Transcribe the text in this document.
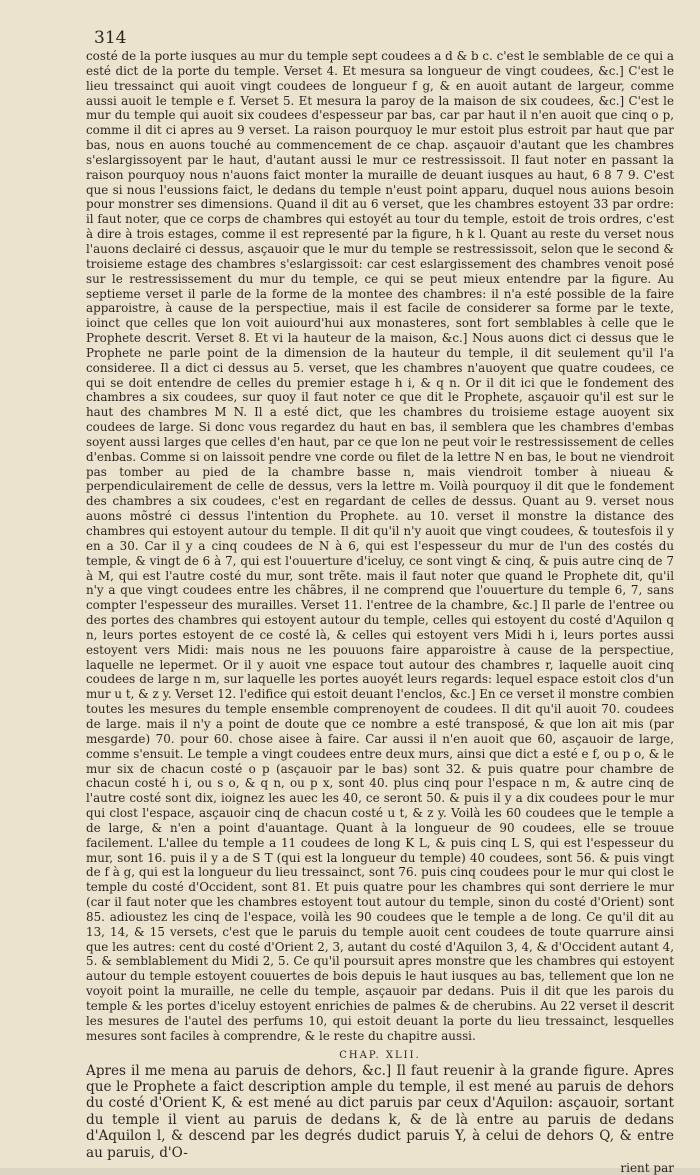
314

costé de la porte iusques au mur du temple sept coudees a d & b c. c'est le semblable de ce qui a esté dict de la porte du temple. Verset 4. Et mesura sa longueur de vingt coudees, &c.] C'est le lieu tressainct qui auoit vingt coudees de longueur f g, & en auoit autant de largeur, comme aussi auoit le temple e f. Verset 5. Et mesura la paroy de la maison de six coudees, &c.] C'est le mur du temple qui auoit six coudees d'espesseur par bas, car par haut il n'en auoit que cinq o p, comme il dit ci apres au 9 verset. La raison pourquoy le mur estoit plus estroit par haut que par bas, nous en auons touché au commencement de ce chap. asçauoir d'autant que les chambres s'eslargissoyent par le haut, d'autant aussi le mur ce restressissoit. Il faut noter en passant la raison pourquoy nous n'auons faict monter la muraille de deuant iusques au haut, 6 8 7 9. C'est que si nous l'eussions faict, le dedans du temple n'eust point apparu, duquel nous auions besoin pour monstrer ses dimensions. Quand il dit au 6 verset, que les chambres estoyent 33 par ordre: il faut noter, que ce corps de chambres qui estoyét au tour du temple, estoit de trois ordres, c'est à dire à trois estages, comme il est representé par la figure, h k l. Quant au reste du verset nous l'auons declairé ci dessus, asçauoir que le mur du temple se restressissoit, selon que le second & troisieme estage des chambres s'eslargissoit: car cest eslargissement des chambres venoit posé sur le restressissement du mur du temple, ce qui se peut mieux entendre par la figure. Au septieme verset il parle de la forme de la montee des chambres: il n'a esté possible de la faire apparoistre, à cause de la perspectiue, mais il est facile de considerer sa forme par le texte, ioinct que celles que lon voit auiourd'hui aux monasteres, sont fort semblables à celle que le Prophete descrit. Verset 8. Et vi la hauteur de la maison, &c.] Nous auons dict ci dessus que le Prophete ne parle point de la dimension de la hauteur du temple, il dit seulement qu'il l'a consideree. Il a dict ci dessus au 5. verset, que les chambres n'auoyent que quatre coudees, ce qui se doit entendre de celles du premier estage h i, & q n. Or il dit ici que le fondement des chambres a six coudees, sur quoy il faut noter ce que dit le Prophete, asçauoir qu'il est sur le haut des chambres M N. Il a esté dict, que les chambres du troisieme estage auoyent six coudees de large. Si donc vous regardez du haut en bas, il semblera que les chambres d'embas soyent aussi larges que celles d'en haut, par ce que lon ne peut voir le restressissement de celles d'enbas. Comme si on laissoit pendre vne corde ou filet de la lettre N en bas, le bout ne viendroit pas tomber au pied de la chambre basse n, mais viendroit tomber à niueau & perpendiculairement de celle de dessus, vers la lettre m. Voilà pourquoy il dit que le fondement des chambres a six coudees, c'est en regardant de celles de dessus. Quant au 9. verset nous auons mõstré ci dessus l'intention du Prophete. au 10. verset il monstre la distance des chambres qui estoyent autour du temple. Il dit qu'il n'y auoit que vingt coudees, & toutesfois il y en a 30. Car il y a cinq coudees de N à 6, qui est l'espesseur du mur de l'un des costés du temple, & vingt de 6 à 7, qui est l'ouuerture d'iceluy, ce sont vingt & cinq, & puis autre cinq de 7 à M, qui est l'autre costé du mur, sont trẽte. mais il faut noter que quand le Prophete dit, qu'il n'y a que vingt coudees entre les chãbres, il ne comprend que l'ouuerture du temple 6, 7, sans compter l'espesseur des murailles. Verset 11. l'entree de la chambre, &c.] Il parle de l'entree ou des portes des chambres qui estoyent autour du temple, celles qui estoyent du costé d'Aquilon q n, leurs portes estoyent de ce costé là, & celles qui estoyent vers Midi h i, leurs portes aussi estoyent vers Midi: mais nous ne les pouuons faire apparoistre à cause de la perspectiue, laquelle ne lepermet. Or il y auoit vne espace tout autour des chambres r, laquelle auoit cinq coudees de large n m, sur laquelle les portes auoyét leurs regards: lequel espace estoit clos d'un mur u t, & z y. Verset 12. l'edifice qui estoit deuant l'enclos, &c.] En ce verset il monstre combien toutes les mesures du temple ensemble comprenoyent de coudees. Il dit qu'il auoit 70. coudees de large. mais il n'y a point de doute que ce nombre a esté transposé, & que lon ait mis (par mesgarde) 70. pour 60. chose aisee à faire. Car aussi il n'en auoit que 60, asçauoir de large, comme s'ensuit. Le temple a vingt coudees entre deux murs, ainsi que dict a esté e f, ou p o, & le mur six de chacun costé o p (asçauoir par le bas) sont 32. & puis quatre pour chambre de chacun costé h i, ou s o, & q n, ou p x, sont 40. plus cinq pour l'espace n m, & autre cinq de l'autre costé sont dix, ioignez les auec les 40, ce seront 50. & puis il y a dix coudees pour le mur qui clost l'espace, asçauoir cinq de chacun costé u t, & z y. Voilà les 60 coudees que le temple a de large, & n'en a point d'auantage. Quant à la longueur de 90 coudees, elle se trouue facilement. L'allee du temple a 11 coudees de long K L, & puis cinq L S, qui est l'espesseur du mur, sont 16. puis il y a de S T (qui est la longueur du temple) 40 coudees, sont 56. & puis vingt de f à g, qui est la longueur du lieu tressainct, sont 76. puis cinq coudees pour le mur qui clost le temple du costé d'Occident, sont 81. Et puis quatre pour les chambres qui sont derriere le mur (car il faut noter que les chambres estoyent tout autour du temple, sinon du costé d'Orient) sont 85. adioustez les cinq de l'espace, voilà les 90 coudees que le temple a de long. Ce qu'il dit au 13, 14, & 15 versets, c'est que le paruis du temple auoit cent coudees de toute quarrure ainsi que les autres: cent du costé d'Orient 2, 3, autant du costé d'Aquilon 3, 4, & d'Occident autant 4, 5. & semblablement du Midi 2, 5. Ce qu'il poursuit apres monstre que les chambres qui estoyent autour du temple estoyent couuertes de bois depuis le haut iusques au bas, tellement que lon ne voyoit point la muraille, ne celle du temple, asçauoir par dedans. Puis il dit que les parois du temple & les portes d'iceluy estoyent enrichies de palmes & de cherubins. Au 22 verset il descrit les mesures de l'autel des perfums 10, qui estoit deuant la porte du lieu tressainct, lesquelles mesures sont faciles à comprendre, & le reste du chapitre aussi.

CHAP. XLII.
Apres il me mena au paruis de dehors, &c.] Il faut reuenir à la grande figure. Apres que le Prophete a faict description ample du temple, il est mené au paruis de dehors du costé d'Orient K, & est mené au dict paruis par ceux d'Aquilon: asçauoir, sortant du temple il vient au paruis de dedans k, & de là entre au paruis de dedans d'Aquilon l, & descend par les degrés dudict paruis Y, à celui de dehors Q, & entre au paruis, d'O-
rient par
